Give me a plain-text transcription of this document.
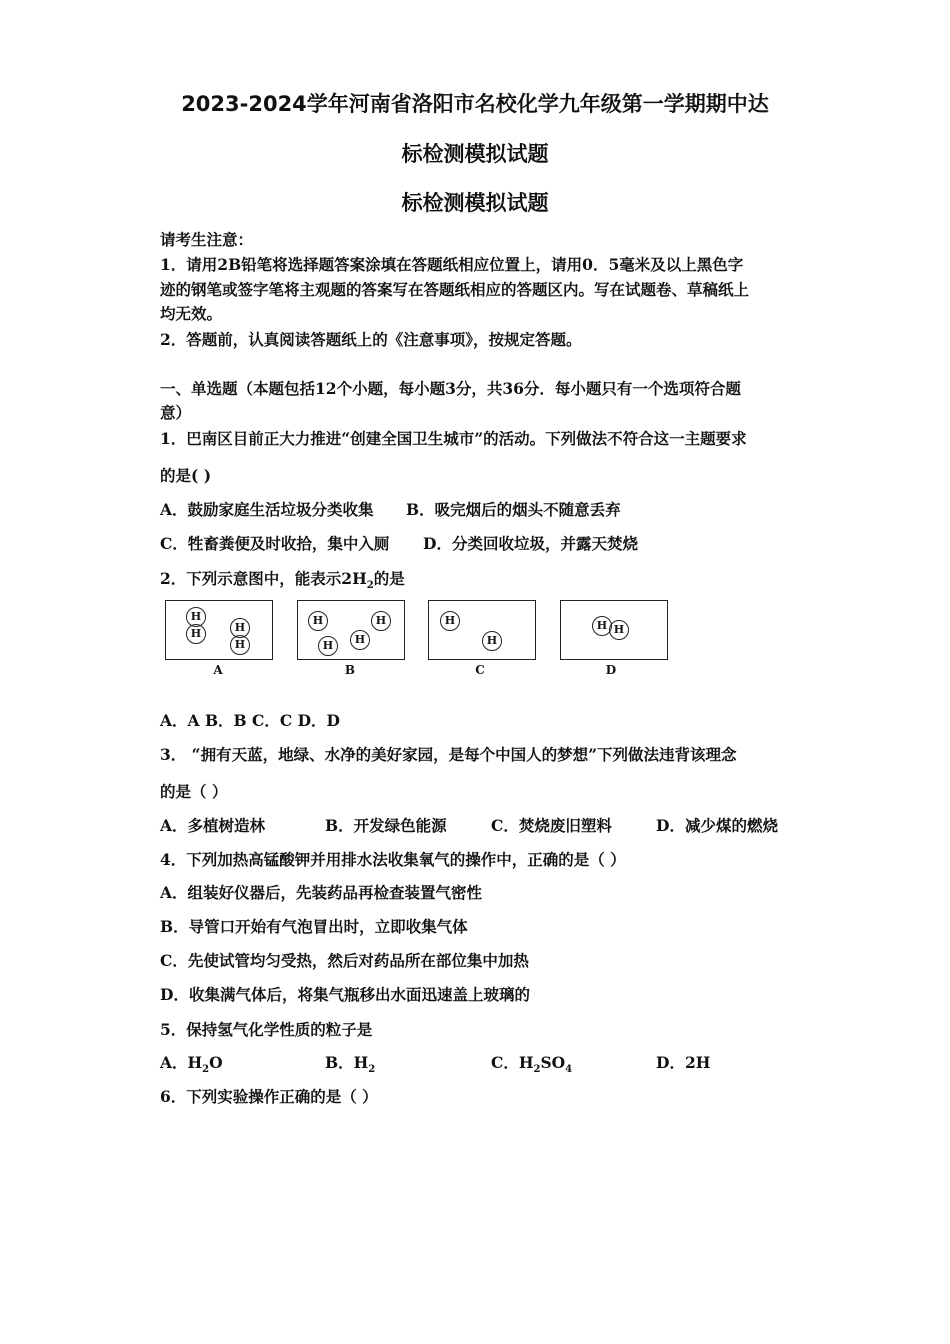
2023-2024学年河南省洛阳市名校化学九年级第一学期期中达
标检测模拟试题
标检测模拟试题
请考生注意：
1．请用2B铅笔将选择题答案涂填在答题纸相应位置上，请用0．5毫米及以上黑色字
迹的钢笔或签字笔将主观题的答案写在答题纸相应的答题区内。写在试题卷、草稿纸上
均无效。
2．答题前，认真阅读答题纸上的《注意事项》，按规定答题。
一、单选题（本题包括12个小题，每小题3分，共36分．每小题只有一个选项符合题
意）
1．巴南区目前正大力推进“创建全国卫生城市”的活动。下列做法不符合这一主题要求
的是( )
A．鼓励家庭生活垃圾分类收集 B．吸完烟后的烟头不随意丢弃
C．牲畜粪便及时收拾，集中入厕 D．分类回收垃圾，并露天焚烧
2．下列示意图中，能表示$2H_2$的是
H
H	H
H
A
H	H
H
H
B
H
H
C
H H
D
A．A B．B C．C D．D
3． “拥有天蓝，地绿、水净的美好家园，是每个中国人的梦想”下列做法违背该理念
的是（ ）
A．多植树造林	B．开发绿色能源	C．焚烧废旧塑料	D．减少煤的燃烧
4．下列加热高锰酸钾并用排水法收集氧气的操作中，正确的是（ ）
A．组装好仪器后，先装药品再检查装置气密性
B．导管口开始有气泡冒出时，立即收集气体
C．先使试管均匀受热，然后对药品所在部位集中加热
D．收集满气体后，将集气瓶移出水面迅速盖上玻璃的
5．保持氢气化学性质的粒子是
A．$H_2O$	B．$H_2$	C．$H_2SO_4$	D．2H
6．下列实验操作正确的是（ ）
